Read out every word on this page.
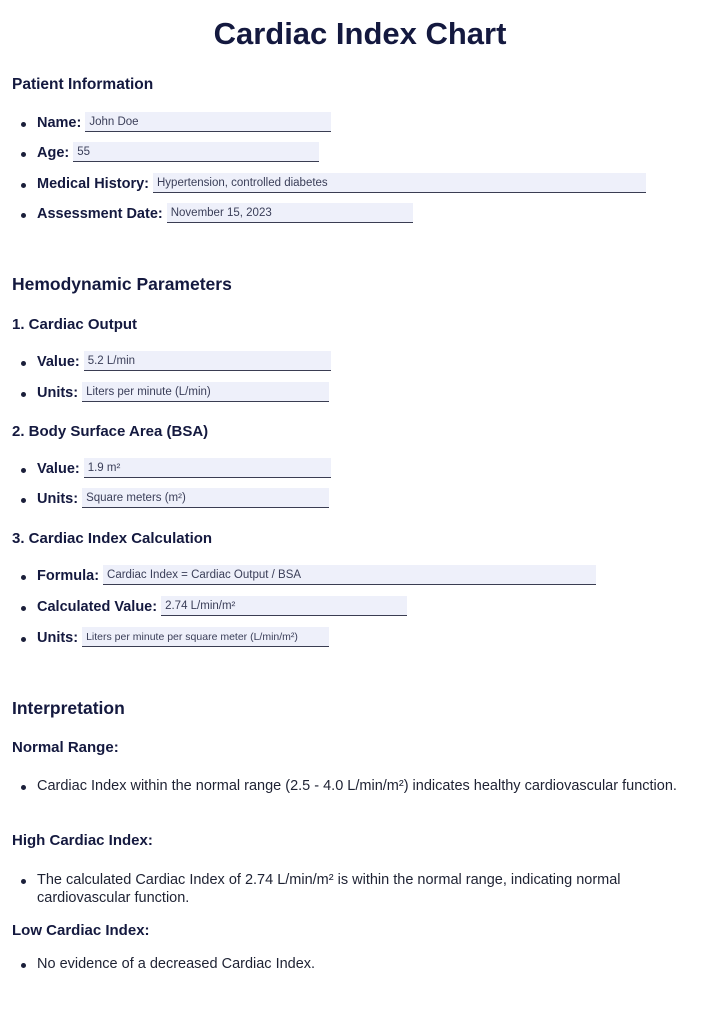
Cardiac Index Chart
Patient Information
Name: John Doe
Age: 55
Medical History: Hypertension, controlled diabetes
Assessment Date: November 15, 2023
Hemodynamic Parameters
1. Cardiac Output
Value: 5.2 L/min
Units: Liters per minute (L/min)
2. Body Surface Area (BSA)
Value: 1.9 m²
Units: Square meters (m²)
3. Cardiac Index Calculation
Formula: Cardiac Index = Cardiac Output / BSA
Calculated Value: 2.74 L/min/m²
Units: Liters per minute per square meter (L/min/m²)
Interpretation
Normal Range:
Cardiac Index within the normal range (2.5 - 4.0 L/min/m²) indicates healthy cardiovascular function.
High Cardiac Index:
The calculated Cardiac Index of 2.74 L/min/m² is within the normal range, indicating normal cardiovascular function.
Low Cardiac Index:
No evidence of a decreased Cardiac Index.
